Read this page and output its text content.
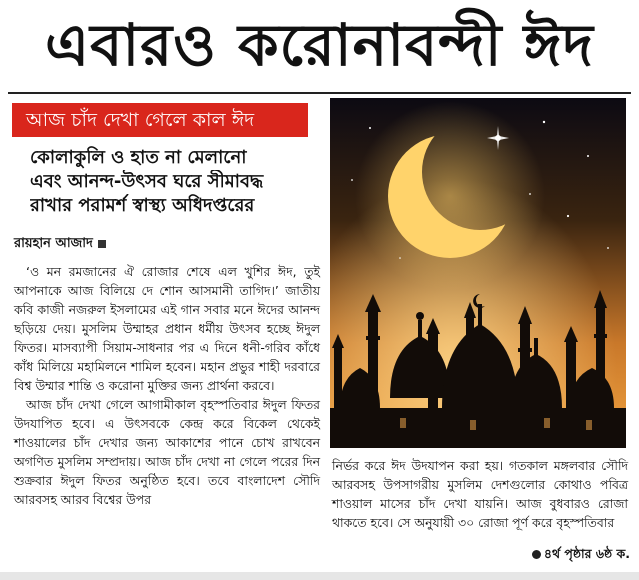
এবারও করোনাবন্দী ঈদ
আজ চাঁদ দেখা গেলে কাল ঈদ
কোলাকুলি ও হাত না মেলানো
এবং আনন্দ-উৎসব ঘরে সীমাবদ্ধ
রাখার পরামর্শ স্বাস্থ্য অধিদপ্তরের
রায়হান আজাদ

‘ও মন রমজানের ঐ রোজার শেষে এল খুশির ঈদ, তুই আপনাকে আজ বিলিয়ে দে শোন আসমানী তাগিদ।’ জাতীয় কবি কাজী নজরুল ইসলামের এই গান সবার মনে ঈদের আনন্দ ছড়িয়ে দেয়। মুসলিম উম্মাহর প্রধান ধর্মীয় উৎসব হচ্ছে ঈদুল ফিতর। মাসব্যাপী সিয়াম-সাধনার পর এ দিনে ধনী-গরিব কাঁধে কাঁধ মিলিয়ে মহামিলনে শামিল হবেন। মহান প্রভুর শাহী দরবারে বিশ্ব উম্মার শান্তি ও করোনা মুক্তির জন্য প্রার্থনা করবে।

আজ চাঁদ দেখা গেলে আগামীকাল বৃহস্পতিবার ঈদুল ফিতর উদযাপিত হবে। এ উৎসবকে কেন্দ্র করে বিকেল থেকেই শাওয়ালের চাঁদ দেখার জন্য আকাশের পানে চোখ রাখবেন অগণিত মুসলিম সম্প্রদায়। আজ চাঁদ দেখা না গেলে পরের দিন শুক্রবার ঈদুল ফিতর অনুষ্ঠিত হবে। তবে বাংলাদেশ সৌদি আরবসহ আরব বিশ্বের উপর

নির্ভর করে ঈদ উদযাপন করা হয়। গতকাল মঙ্গলবার সৌদি আরবসহ উপসাগরীয় মুসলিম দেশগুলোর কোথাও পবিত্র শাওয়াল মাসের চাঁদ দেখা যায়নি। আজ বুধবারও রোজা থাকতে হবে। সে অনুযায়ী ৩০ রোজা পূর্ণ করে বৃহস্পতিবার

৪র্থ পৃষ্ঠার ৬ষ্ঠ ক.
